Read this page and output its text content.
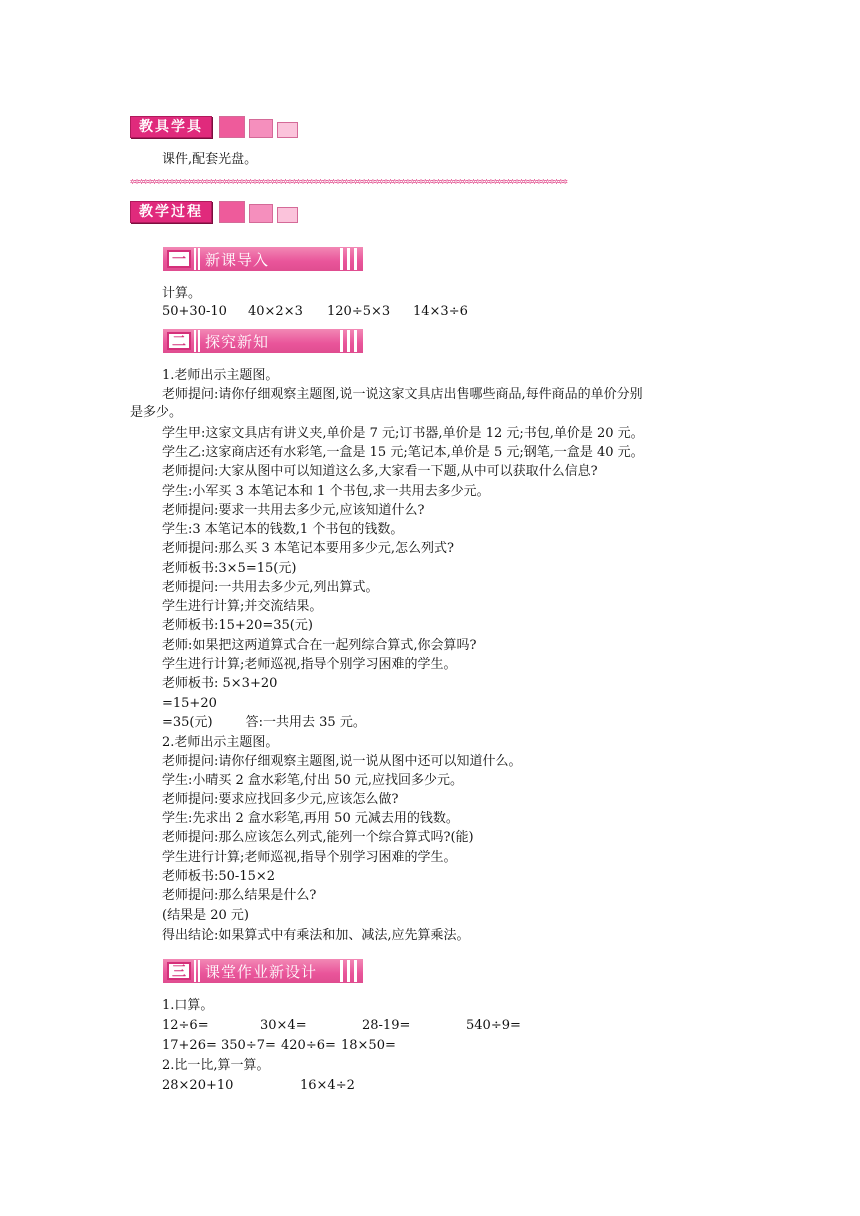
教具学具
课件,配套光盘。
✲✲✲✲✲✲✲✲✲✲✲✲✲✲✲✲✲✲✲✲✲✲✲✲✲✲✲✲✲✲✲✲✲✲✲✲✲✲✲✲✲✲✲✲✲✲✲✲✲✲✲✲✲✲✲✲✲✲✲✲✲✲✲✲✲✲✲✲✲✲✲✲✲✲✲✲✲✲✲✲✲✲✲✲✲✲✲✲✲✲✲✲✲✲✲✲✲✲✲✲
教学过程
一	新课导入
计算。
50+30-10 40×2×3 120÷5×3 14×3÷6
二	探究新知
1.老师出示主题图。
老师提问:请你仔细观察主题图,说一说这家文具店出售哪些商品,每件商品的单价分别
是多少。
学生甲:这家文具店有讲义夹,单价是 7 元;订书器,单价是 12 元;书包,单价是 20 元。
学生乙:这家商店还有水彩笔,一盒是 15 元;笔记本,单价是 5 元;钢笔,一盒是 40 元。
老师提问:大家从图中可以知道这么多,大家看一下题,从中可以获取什么信息?
学生:小军买 3 本笔记本和 1 个书包,求一共用去多少元。
老师提问:要求一共用去多少元,应该知道什么?
学生:3 本笔记本的钱数,1 个书包的钱数。
老师提问:那么买 3 本笔记本要用多少元,怎么列式?
老师板书:3×5=15(元)
老师提问:一共用去多少元,列出算式。
学生进行计算;并交流结果。
老师板书:15+20=35(元)
老师:如果把这两道算式合在一起列综合算式,你会算吗?
学生进行计算;老师巡视,指导个别学习困难的学生。
老师板书: 5×3+20
=15+20
=35(元)        答:一共用去 35 元。
2.老师出示主题图。
老师提问:请你仔细观察主题图,说一说从图中还可以知道什么。
学生:小晴买 2 盒水彩笔,付出 50 元,应找回多少元。
老师提问:要求应找回多少元,应该怎么做?
学生:先求出 2 盒水彩笔,再用 50 元减去用的钱数。
老师提问:那么应该怎么列式,能列一个综合算式吗?(能)
学生进行计算;老师巡视,指导个别学习困难的学生。
老师板书:50-15×2
老师提问:那么结果是什么?
(结果是 20 元)
得出结论:如果算式中有乘法和加、减法,应先算乘法。
三	课堂作业新设计
1.口算。
12÷6=	30×4=	28-19=	540÷9=
17+26= 350÷7= 420÷6= 18×50=
2.比一比,算一算。
28×20+10	16×4÷2
